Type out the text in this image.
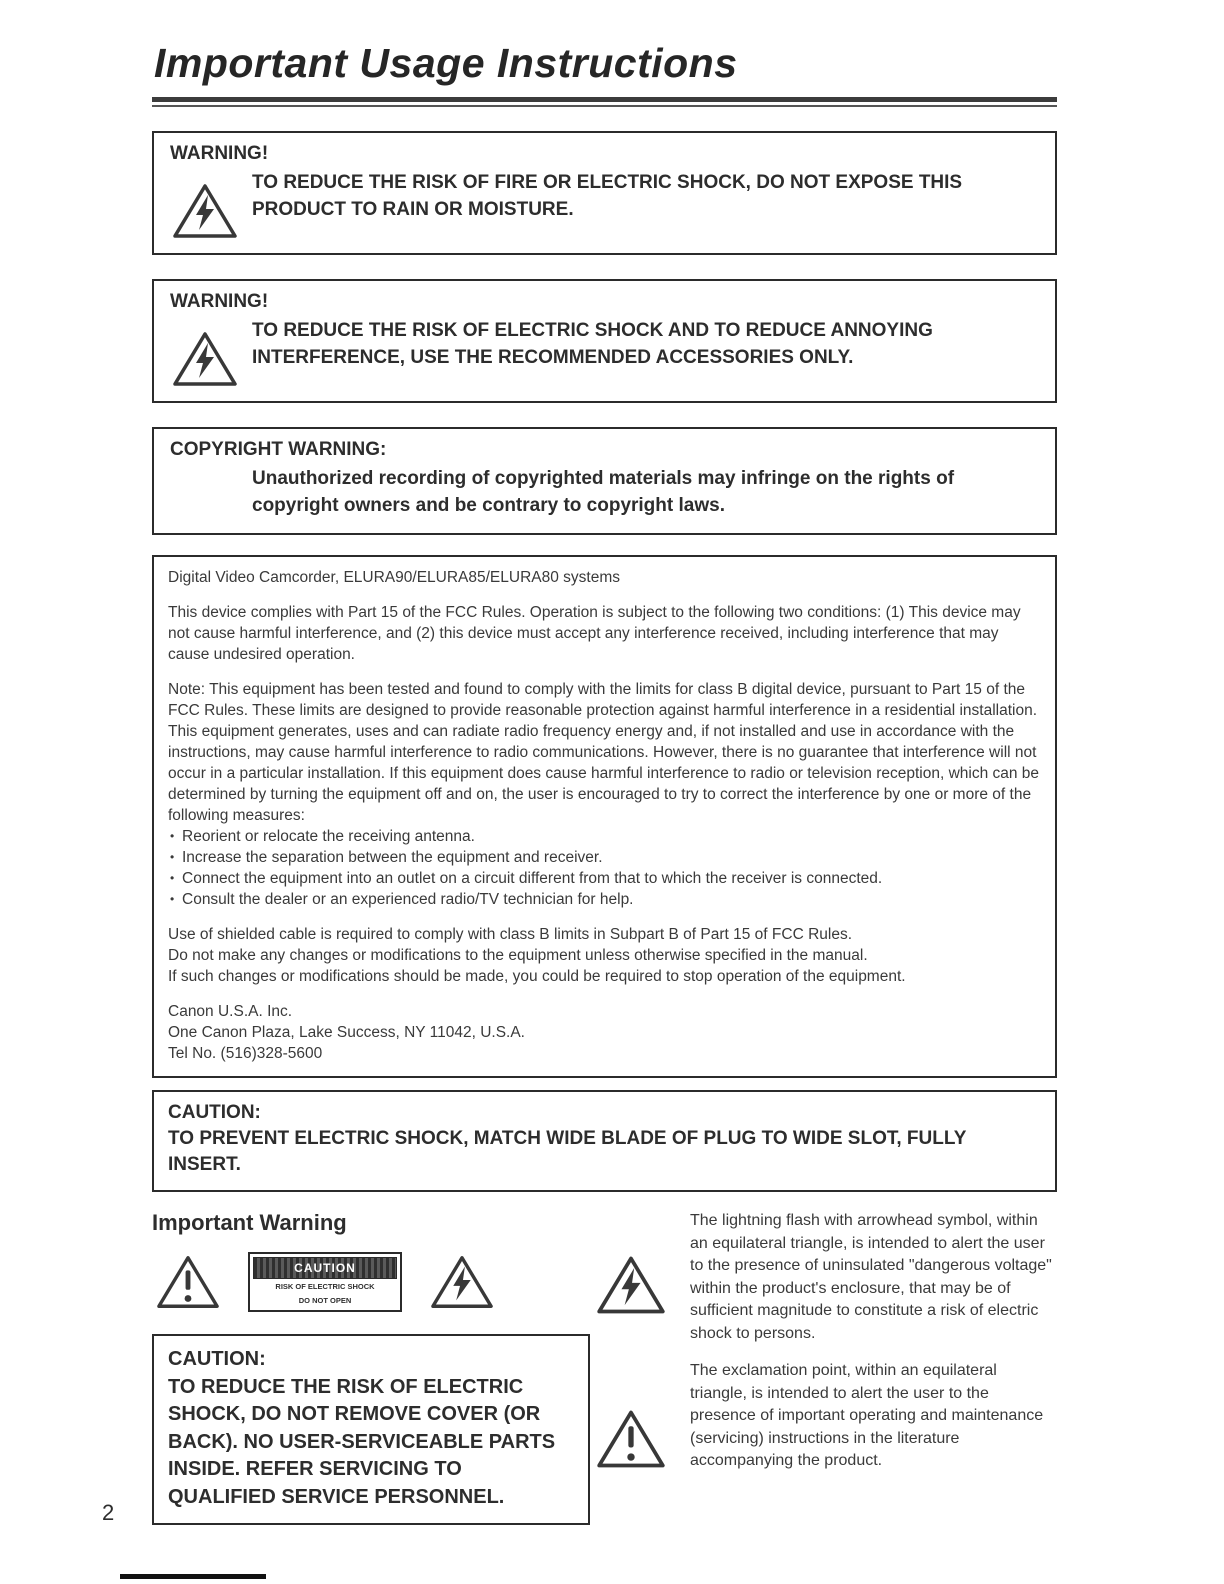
Important Usage Instructions
WARNING!
TO REDUCE THE RISK OF FIRE OR ELECTRIC SHOCK, DO NOT EXPOSE THIS PRODUCT TO RAIN OR MOISTURE.
WARNING!
TO REDUCE THE RISK OF ELECTRIC SHOCK AND TO REDUCE ANNOYING INTERFERENCE, USE THE RECOMMENDED ACCESSORIES ONLY.
COPYRIGHT WARNING:
Unauthorized recording of copyrighted materials may infringe on the rights of copyright owners and be contrary to copyright laws.

Digital Video Camcorder, ELURA90/ELURA85/ELURA80 systems

This device complies with Part 15 of the FCC Rules. Operation is subject to the following two conditions: (1) This device may not cause harmful interference, and (2) this device must accept any interference received, including interference that may cause undesired operation.

Note: This equipment has been tested and found to comply with the limits for class B digital device, pursuant to Part 15 of the FCC Rules. These limits are designed to provide reasonable protection against harmful interference in a residential installation. This equipment generates, uses and can radiate radio frequency energy and, if not installed and use in accordance with the instructions, may cause harmful interference to radio communications. However, there is no guarantee that interference will not occur in a particular installation. If this equipment does cause harmful interference to radio or television reception, which can be determined by turning the equipment off and on, the user is encouraged to try to correct the interference by one or more of the following measures:

• Reorient or relocate the receiving antenna.
• Increase the separation between the equipment and receiver.
• Connect the equipment into an outlet on a circuit different from that to which the receiver is connected.
• Consult the dealer or an experienced radio/TV technician for help.

Use of shielded cable is required to comply with class B limits in Subpart B of Part 15 of FCC Rules.

Do not make any changes or modifications to the equipment unless otherwise specified in the manual.

If such changes or modifications should be made, you could be required to stop operation of the equipment.

Canon U.S.A. Inc.

One Canon Plaza, Lake Success, NY 11042, U.S.A.

Tel No. (516)328-5600

CAUTION:
TO PREVENT ELECTRIC SHOCK, MATCH WIDE BLADE OF PLUG TO WIDE SLOT, FULLY INSERT.
Important Warning
CAUTION
RISK OF ELECTRIC SHOCK
DO NOT OPEN
CAUTION:
TO REDUCE THE RISK OF ELECTRIC SHOCK, DO NOT REMOVE COVER (OR BACK). NO USER-SERVICEABLE PARTS INSIDE. REFER SERVICING TO QUALIFIED SERVICE PERSONNEL.

The lightning flash with arrowhead symbol, within an equilateral triangle, is intended to alert the user to the presence of uninsulated "dangerous voltage" within the product's enclosure, that may be of sufficient magnitude to constitute a risk of electric shock to persons.

The exclamation point, within an equilateral triangle, is intended to alert the user to the presence of important operating and maintenance (servicing) instructions in the literature accompanying the product.

2
